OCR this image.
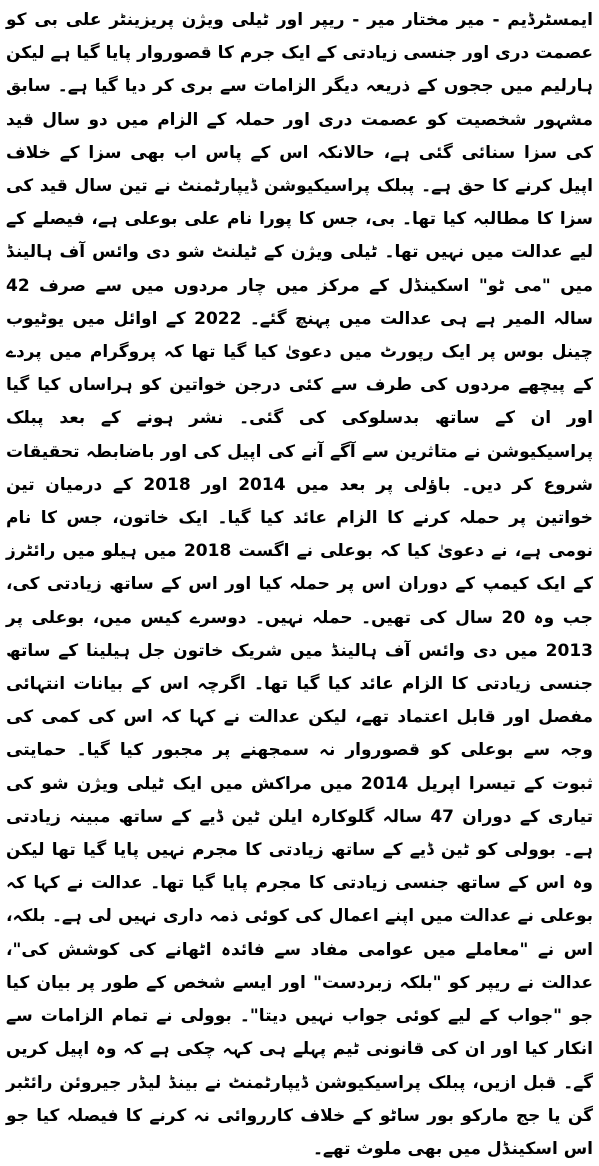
ایمسٹرڈیم - میر مختار میر - ریپر اور ٹیلی ویژن پریزینٹر علی بی کو عصمت دری اور جنسی زیادتی کے ایک جرم کا قصوروار پایا گیا ہے لیکن ہارلیم میں ججوں کے ذریعہ دیگر الزامات سے بری کر دیا گیا ہے۔ سابق مشہور شخصیت کو عصمت دری اور حملہ کے الزام میں دو سال قید کی سزا سنائی گئی ہے، حالانکہ اس کے پاس اب بھی سزا کے خلاف اپیل کرنے کا حق ہے۔ پبلک پراسیکیوشن ڈیپارٹمنٹ نے تین سال قید کی سزا کا مطالبہ کیا تھا۔ بی، جس کا پورا نام علی بوعلی ہے، فیصلے کے لیے عدالت میں نہیں تھا۔ ٹیلی ویژن کے ٹیلنٹ شو دی وائس آف ہالینڈ میں "می ٹو" اسکینڈل کے مرکز میں چار مردوں میں سے صرف 42 سالہ المیر ہے ہی عدالت میں پہنچ گئے۔ 2022 کے اوائل میں یوٹیوب چینل بوس پر ایک رپورٹ میں دعویٰ کیا گیا تھا کہ پروگرام میں پردے کے پیچھے مردوں کی طرف سے کئی درجن خواتین کو ہراساں کیا گیا اور ان کے ساتھ بدسلوکی کی گئی۔ نشر ہونے کے بعد پبلک پراسیکیوشن نے متاثرین سے آگے آنے کی اپیل کی اور باضابطہ تحقیقات شروع کر دیں۔ باؤلی پر بعد میں 2014 اور 2018 کے درمیان تین خواتین پر حملہ کرنے کا الزام عائد کیا گیا۔ ایک خاتون، جس کا نام نومی ہے، نے دعویٰ کیا کہ بوعلی نے اگست 2018 میں ہیلو میں رائٹرز کے ایک کیمپ کے دوران اس پر حملہ کیا اور اس کے ساتھ زیادتی کی، جب وہ 20 سال کی تھیں۔ حملہ نہیں۔ دوسرے کیس میں، بوعلی پر 2013 میں دی وائس آف ہالینڈ میں شریک خاتون جل ہیلینا کے ساتھ جنسی زیادتی کا الزام عائد کیا گیا تھا۔ اگرچہ اس کے بیانات انتہائی مفصل اور قابل اعتماد تھے، لیکن عدالت نے کہا کہ اس کی کمی کی وجہ سے بوعلی کو قصوروار نہ سمجھنے پر مجبور کیا گیا۔ حمایتی ثبوت کے تیسرا اپریل 2014 میں مراکش میں ایک ٹیلی ویژن شو کی تیاری کے دوران 47 سالہ گلوکارہ ایلن ٹین ڈیے کے ساتھ مبینہ زیادتی ہے۔ بوولی کو ٹین ڈیے کے ساتھ زیادتی کا مجرم نہیں پایا گیا تھا لیکن وہ اس کے ساتھ جنسی زیادتی کا مجرم پایا گیا تھا۔ عدالت نے کہا کہ بوعلی نے عدالت میں اپنے اعمال کی کوئی ذمہ داری نہیں لی ہے۔ بلکہ، اس نے "معاملے میں عوامی مفاد سے فائدہ اٹھانے کی کوشش کی"، عدالت نے ریپر کو "بلکہ زبردست" اور ایسے شخص کے طور پر بیان کیا جو "جواب کے لیے کوئی جواب نہیں دیتا"۔ بوولی نے تمام الزامات سے انکار کیا اور ان کی قانونی ٹیم پہلے ہی کہہ چکی ہے کہ وہ اپیل کریں گے۔ قبل ازیں، پبلک پراسیکیوشن ڈیپارٹمنٹ نے بینڈ لیڈر جیروئن رائٹبر گن یا جج مارکو بور ساٹو کے خلاف کارروائی نہ کرنے کا فیصلہ کیا جو اس اسکینڈل میں بھی ملوث تھے۔
